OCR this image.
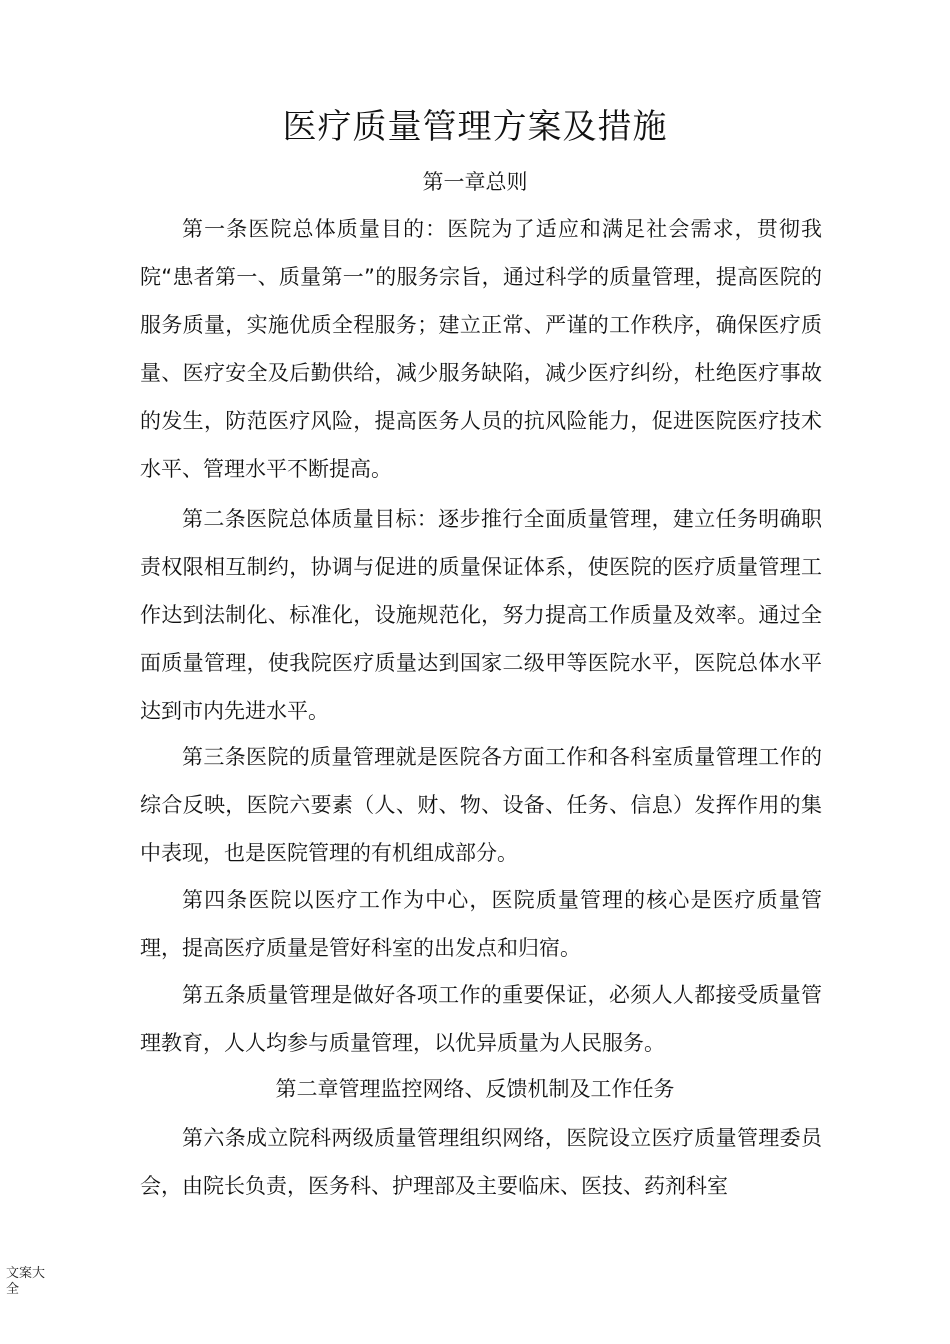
医疗质量管理方案及措施
第一章总则

第一条医院总体质量目的：医院为了适应和满足社会需求，贯彻我院“患者第一、质量第一”的服务宗旨，通过科学的质量管理，提高医院的服务质量，实施优质全程服务；建立正常、严谨的工作秩序，确保医疗质量、医疗安全及后勤供给，减少服务缺陷，减少医疗纠纷，杜绝医疗事故的发生，防范医疗风险，提高医务人员的抗风险能力，促进医院医疗技术水平、管理水平不断提高。

第二条医院总体质量目标：逐步推行全面质量管理，建立任务明确职责权限相互制约，协调与促进的质量保证体系，使医院的医疗质量管理工作达到法制化、标准化，设施规范化，努力提高工作质量及效率。通过全面质量管理，使我院医疗质量达到国家二级甲等医院水平，医院总体水平达到市内先进水平。

第三条医院的质量管理就是医院各方面工作和各科室质量管理工作的综合反映，医院六要素（人、财、物、设备、任务、信息）发挥作用的集中表现，也是医院管理的有机组成部分。

第四条医院以医疗工作为中心，医院质量管理的核心是医疗质量管理，提高医疗质量是管好科室的出发点和归宿。

第五条质量管理是做好各项工作的重要保证，必须人人都接受质量管理教育，人人均参与质量管理，以优异质量为人民服务。

第二章管理监控网络、反馈机制及工作任务

第六条成立院科两级质量管理组织网络，医院设立医疗质量管理委员会，由院长负责，医务科、护理部及主要临床、医技、药剂科室

文案大全
